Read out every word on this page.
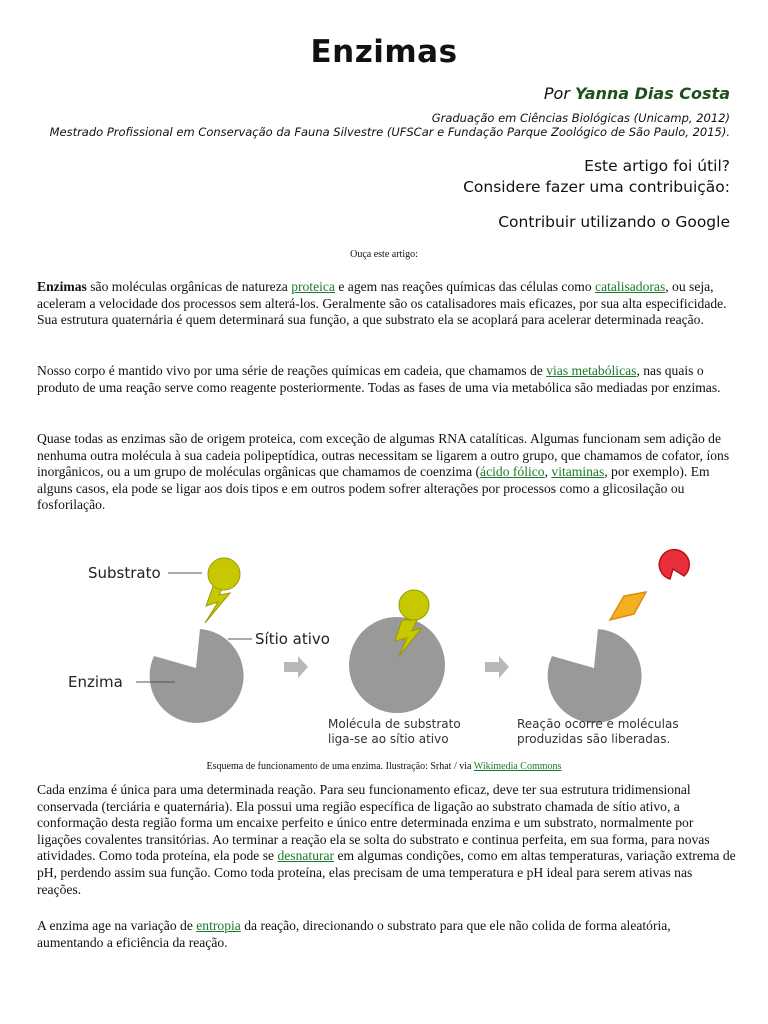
Enzimas
Por Yanna Dias Costa
Graduação em Ciências Biológicas (Unicamp, 2012)
Mestrado Profissional em Conservação da Fauna Silvestre (UFSCar e Fundação Parque Zoológico de São Paulo, 2015).
Este artigo foi útil?
Considere fazer uma contribuição:
Contribuir utilizando o Google
Ouça este artigo:

Enzimas são moléculas orgânicas de natureza proteica e agem nas reações químicas das células como catalisadoras, ou seja, aceleram a velocidade dos processos sem alterá-los. Geralmente são os catalisadores mais eficazes, por sua alta especificidade. Sua estrutura quaternária é quem determinará sua função, a que substrato ela se acoplará para acelerar determinada reação.

Nosso corpo é mantido vivo por uma série de reações químicas em cadeia, que chamamos de vias metabólicas, nas quais o produto de uma reação serve como reagente posteriormente. Todas as fases de uma via metabólica são mediadas por enzimas.

Quase todas as enzimas são de origem proteica, com exceção de algumas RNA catalíticas. Algumas funcionam sem adição de nenhuma outra molécula à sua cadeia polipeptídica, outras necessitam se ligarem a outro grupo, que chamamos de cofator, íons inorgânicos, ou a um grupo de moléculas orgânicas que chamamos de coenzima (ácido fólico, vitaminas, por exemplo). Em alguns casos, ela pode se ligar aos dois tipos e em outros podem sofrer alterações por processos como a glicosilação ou fosforilação.

Substrato
Sítio ativo
Enzima
Molécula de substrato
liga-se ao sítio ativo
Reação ocorre e moléculas
produzidas são liberadas.
Esquema de funcionamento de uma enzima. Ilustração: Srhat / via Wikimedia Commons

Cada enzima é única para uma determinada reação. Para seu funcionamento eficaz, deve ter sua estrutura tridimensional conservada (terciária e quaternária). Ela possui uma região específica de ligação ao substrato chamada de sítio ativo, a conformação desta região forma um encaixe perfeito e único entre determinada enzima e um substrato, normalmente por ligações covalentes transitórias. Ao terminar a reação ela se solta do substrato e continua perfeita, em sua forma, para novas atividades. Como toda proteína, ela pode se desnaturar em algumas condições, como em altas temperaturas, variação extrema de pH, perdendo assim sua função. Como toda proteína, elas precisam de uma temperatura e pH ideal para serem ativas nas reações.

A enzima age na variação de entropia da reação, direcionando o substrato para que ele não colida de forma aleatória, aumentando a eficiência da reação.
